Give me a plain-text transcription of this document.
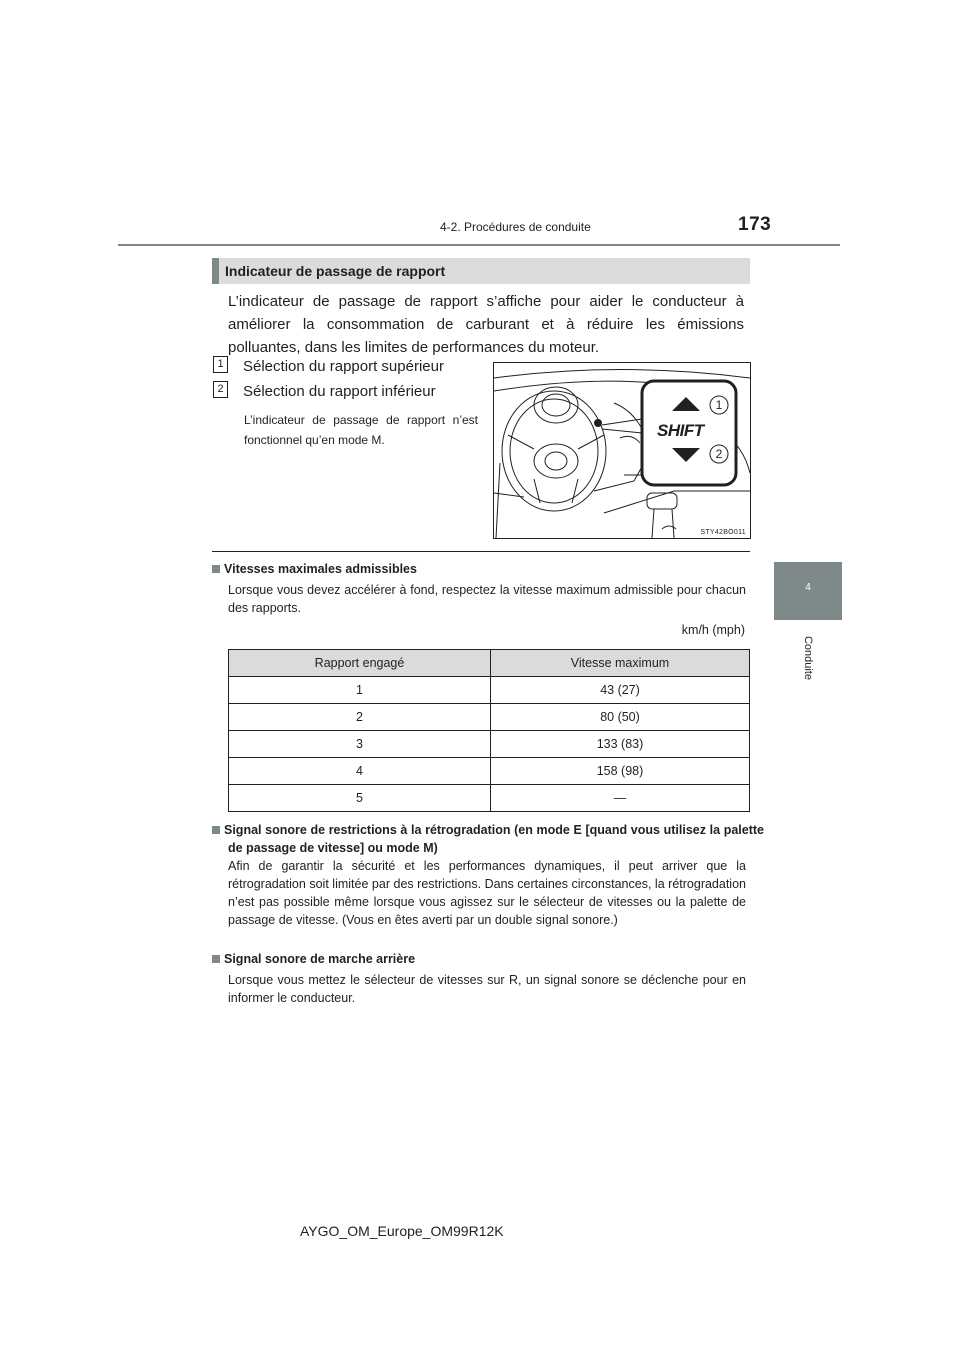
4-2. Procédures de conduite	173
4
Conduite
Indicateur de passage de rapport
L’indicateur de passage de rapport s’affiche pour aider le conducteur à améliorer la consommation de carburant et à réduire les émissions polluantes, dans les limites de performances du moteur.
1 Sélection du rapport supérieur
2 Sélection du rapport inférieur
L’indicateur de passage de rapport n’est fonctionnel qu’en mode M.
1
2
SHIFT
STY42BO011
Vitesses maximales admissibles
Lorsque vous devez accélérer à fond, respectez la vitesse maximum admissible pour chacun des rapports.
km/h (mph)
Rapport engagé	Vitesse maximum
1	43 (27)
2	80 (50)
3	133 (83)
4	158 (98)
5	—
Signal sonore de restrictions à la rétrogradation (en mode E [quand vous utilisez la palette de passage de vitesse] ou mode M)
Afin de garantir la sécurité et les performances dynamiques, il peut arriver que la rétrogradation soit limitée par des restrictions. Dans certaines circonstances, la rétrogradation n’est pas possible même lorsque vous agissez sur le sélecteur de vitesses ou la palette de passage de vitesse. (Vous en êtes averti par un double signal sonore.)
Signal sonore de marche arrière
Lorsque vous mettez le sélecteur de vitesses sur R, un signal sonore se déclenche pour en informer le conducteur.
AYGO_OM_Europe_OM99R12K
